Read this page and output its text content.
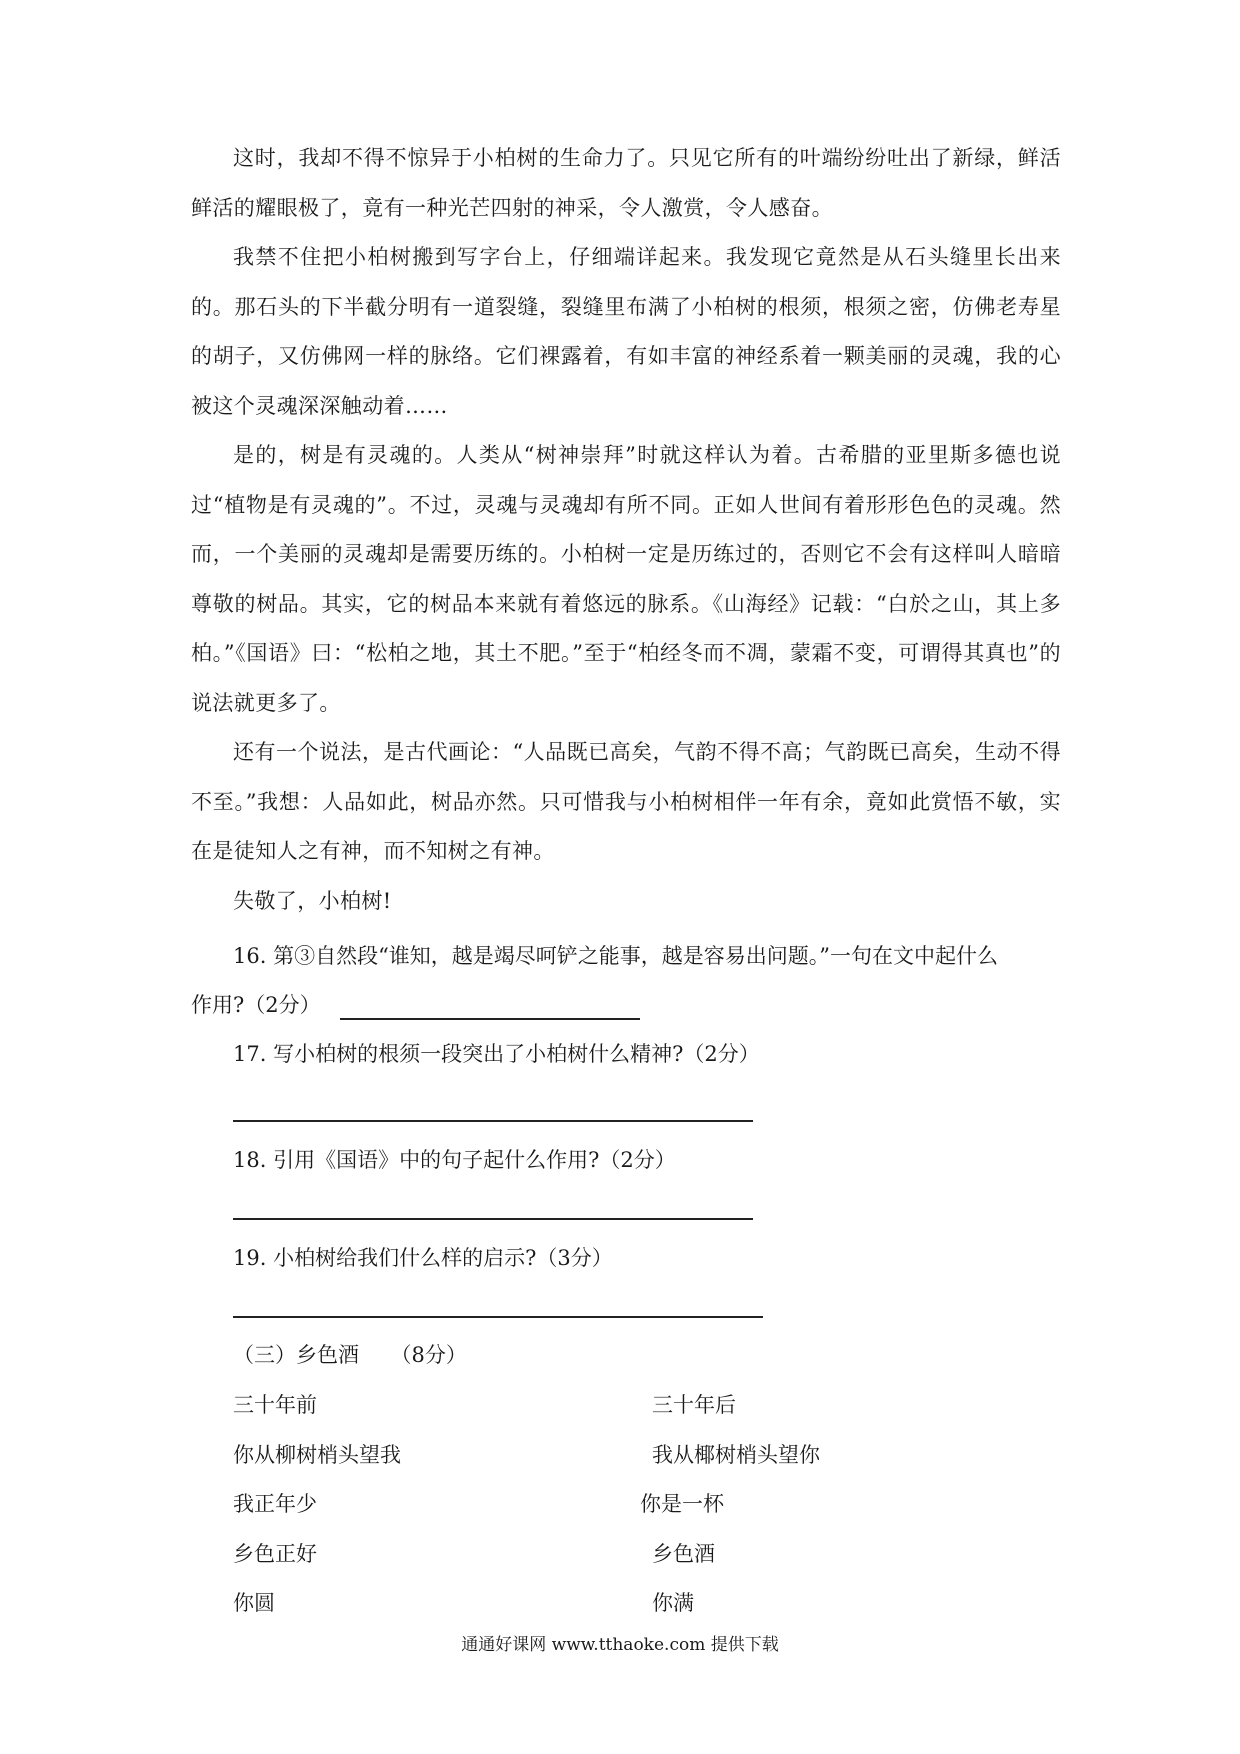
这时，我却不得不惊异于小柏树的生命力了。只见它所有的叶端纷纷吐出了新绿，鲜活鲜活的耀眼极了，竟有一种光芒四射的神采，令人激赏，令人感奋。

我禁不住把小柏树搬到写字台上，仔细端详起来。我发现它竟然是从石头缝里长出来的。那石头的下半截分明有一道裂缝，裂缝里布满了小柏树的根须，根须之密，仿佛老寿星的胡子，又仿佛网一样的脉络。它们裸露着，有如丰富的神经系着一颗美丽的灵魂，我的心被这个灵魂深深触动着……

是的，树是有灵魂的。人类从“树神崇拜”时就这样认为着。古希腊的亚里斯多德也说过“植物是有灵魂的”。不过，灵魂与灵魂却有所不同。正如人世间有着形形色色的灵魂。然而，一个美丽的灵魂却是需要历练的。小柏树一定是历练过的，否则它不会有这样叫人暗暗尊敬的树品。其实，它的树品本来就有着悠远的脉系。《山海经》记载：“白於之山，其上多柏。”《国语》曰：“松柏之地，其土不肥。”至于“柏经冬而不凋，蒙霜不变，可谓得其真也”的说法就更多了。

还有一个说法，是古代画论：“人品既已高矣，气韵不得不高；气韵既已高矣，生动不得不至。”我想：人品如此，树品亦然。只可惜我与小柏树相伴一年有余，竟如此赏悟不敏，实在是徒知人之有神，而不知树之有神。

失敬了，小柏树!

16. 第③自然段“谁知，越是竭尽呵铲之能事，越是容易出问题。”一句在文中起什么
作用?（2分）
17. 写小柏树的根须一段突出了小柏树什么精神?（2分）
18. 引用《国语》中的句子起什么作用?（2分）
19. 小柏树给我们什么样的启示?（3分）
（三）乡色酒　　（8分）
三十年前
你从柳树梢头望我
我正年少
乡色正好
你圆
三十年后
我从椰树梢头望你
你是一杯
乡色酒
你满
通通好课网 www.tthaoke.com 提供下载
